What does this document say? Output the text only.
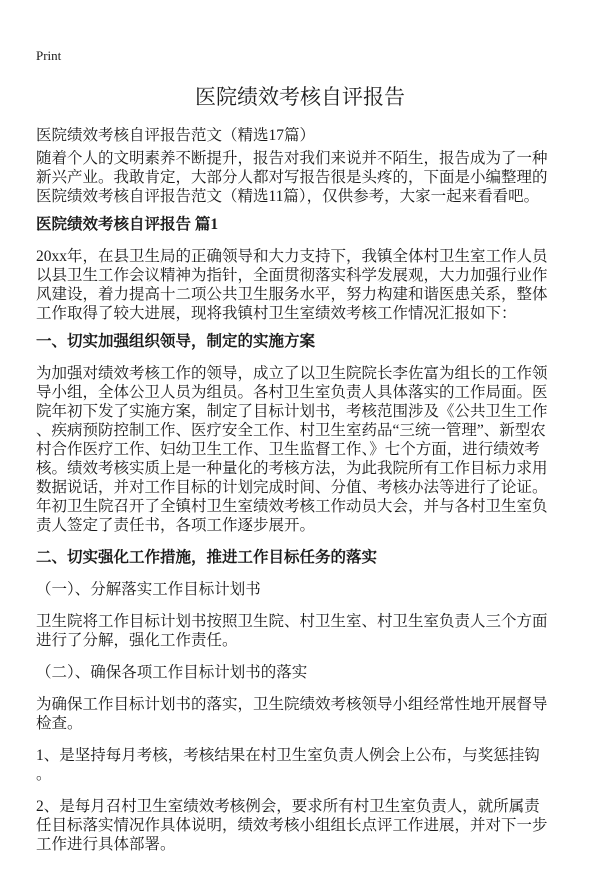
Print
医院绩效考核自评报告

医院绩效考核自评报告范文（精选17篇）

随着个人的文明素养不断提升，报告对我们来说并不陌生，报告成为了一种新兴产业。我敢肯定，大部分人都对写报告很是头疼的，下面是小编整理的医院绩效考核自评报告范文（精选11篇），仅供参考，大家一起来看看吧。

医院绩效考核自评报告 篇1

20xx年，在县卫生局的正确领导和大力支持下，我镇全体村卫生室工作人员以县卫生工作会议精神为指针，全面贯彻落实科学发展观，大力加强行业作风建设，着力提高十二项公共卫生服务水平，努力构建和谐医患关系，整体工作取得了较大进展，现将我镇村卫生室绩效考核工作情况汇报如下：

一、切实加强组织领导，制定的实施方案

为加强对绩效考核工作的领导，成立了以卫生院院长李佐富为组长的工作领导小组，全体公卫人员为组员。各村卫生室负责人具体落实的工作局面。医院年初下发了实施方案，制定了目标计划书，考核范围涉及《公共卫生工作、疾病预防控制工作、医疗安全工作、村卫生室药品“三统一管理”、新型农村合作医疗工作、妇幼卫生工作、卫生监督工作、》七个方面，进行绩效考核。绩效考核实质上是一种量化的考核方法，为此我院所有工作目标力求用数据说话，并对工作目标的计划完成时间、分值、考核办法等进行了论证。年初卫生院召开了全镇村卫生室绩效考核工作动员大会，并与各村卫生室负责人签定了责任书，各项工作逐步展开。

二、切实强化工作措施，推进工作目标任务的落实

（一）、分解落实工作目标计划书

卫生院将工作目标计划书按照卫生院、村卫生室、村卫生室负责人三个方面进行了分解，强化工作责任。

（二）、确保各项工作目标计划书的落实

为确保工作目标计划书的落实，卫生院绩效考核领导小组经常性地开展督导检查。

1、是坚持每月考核，考核结果在村卫生室负责人例会上公布，与奖惩挂钩。

2、是每月召村卫生室绩效考核例会，要求所有村卫生室负责人，就所属责任目标落实情况作具体说明，绩效考核小组组长点评工作进展，并对下一步工作进行具体部署。
